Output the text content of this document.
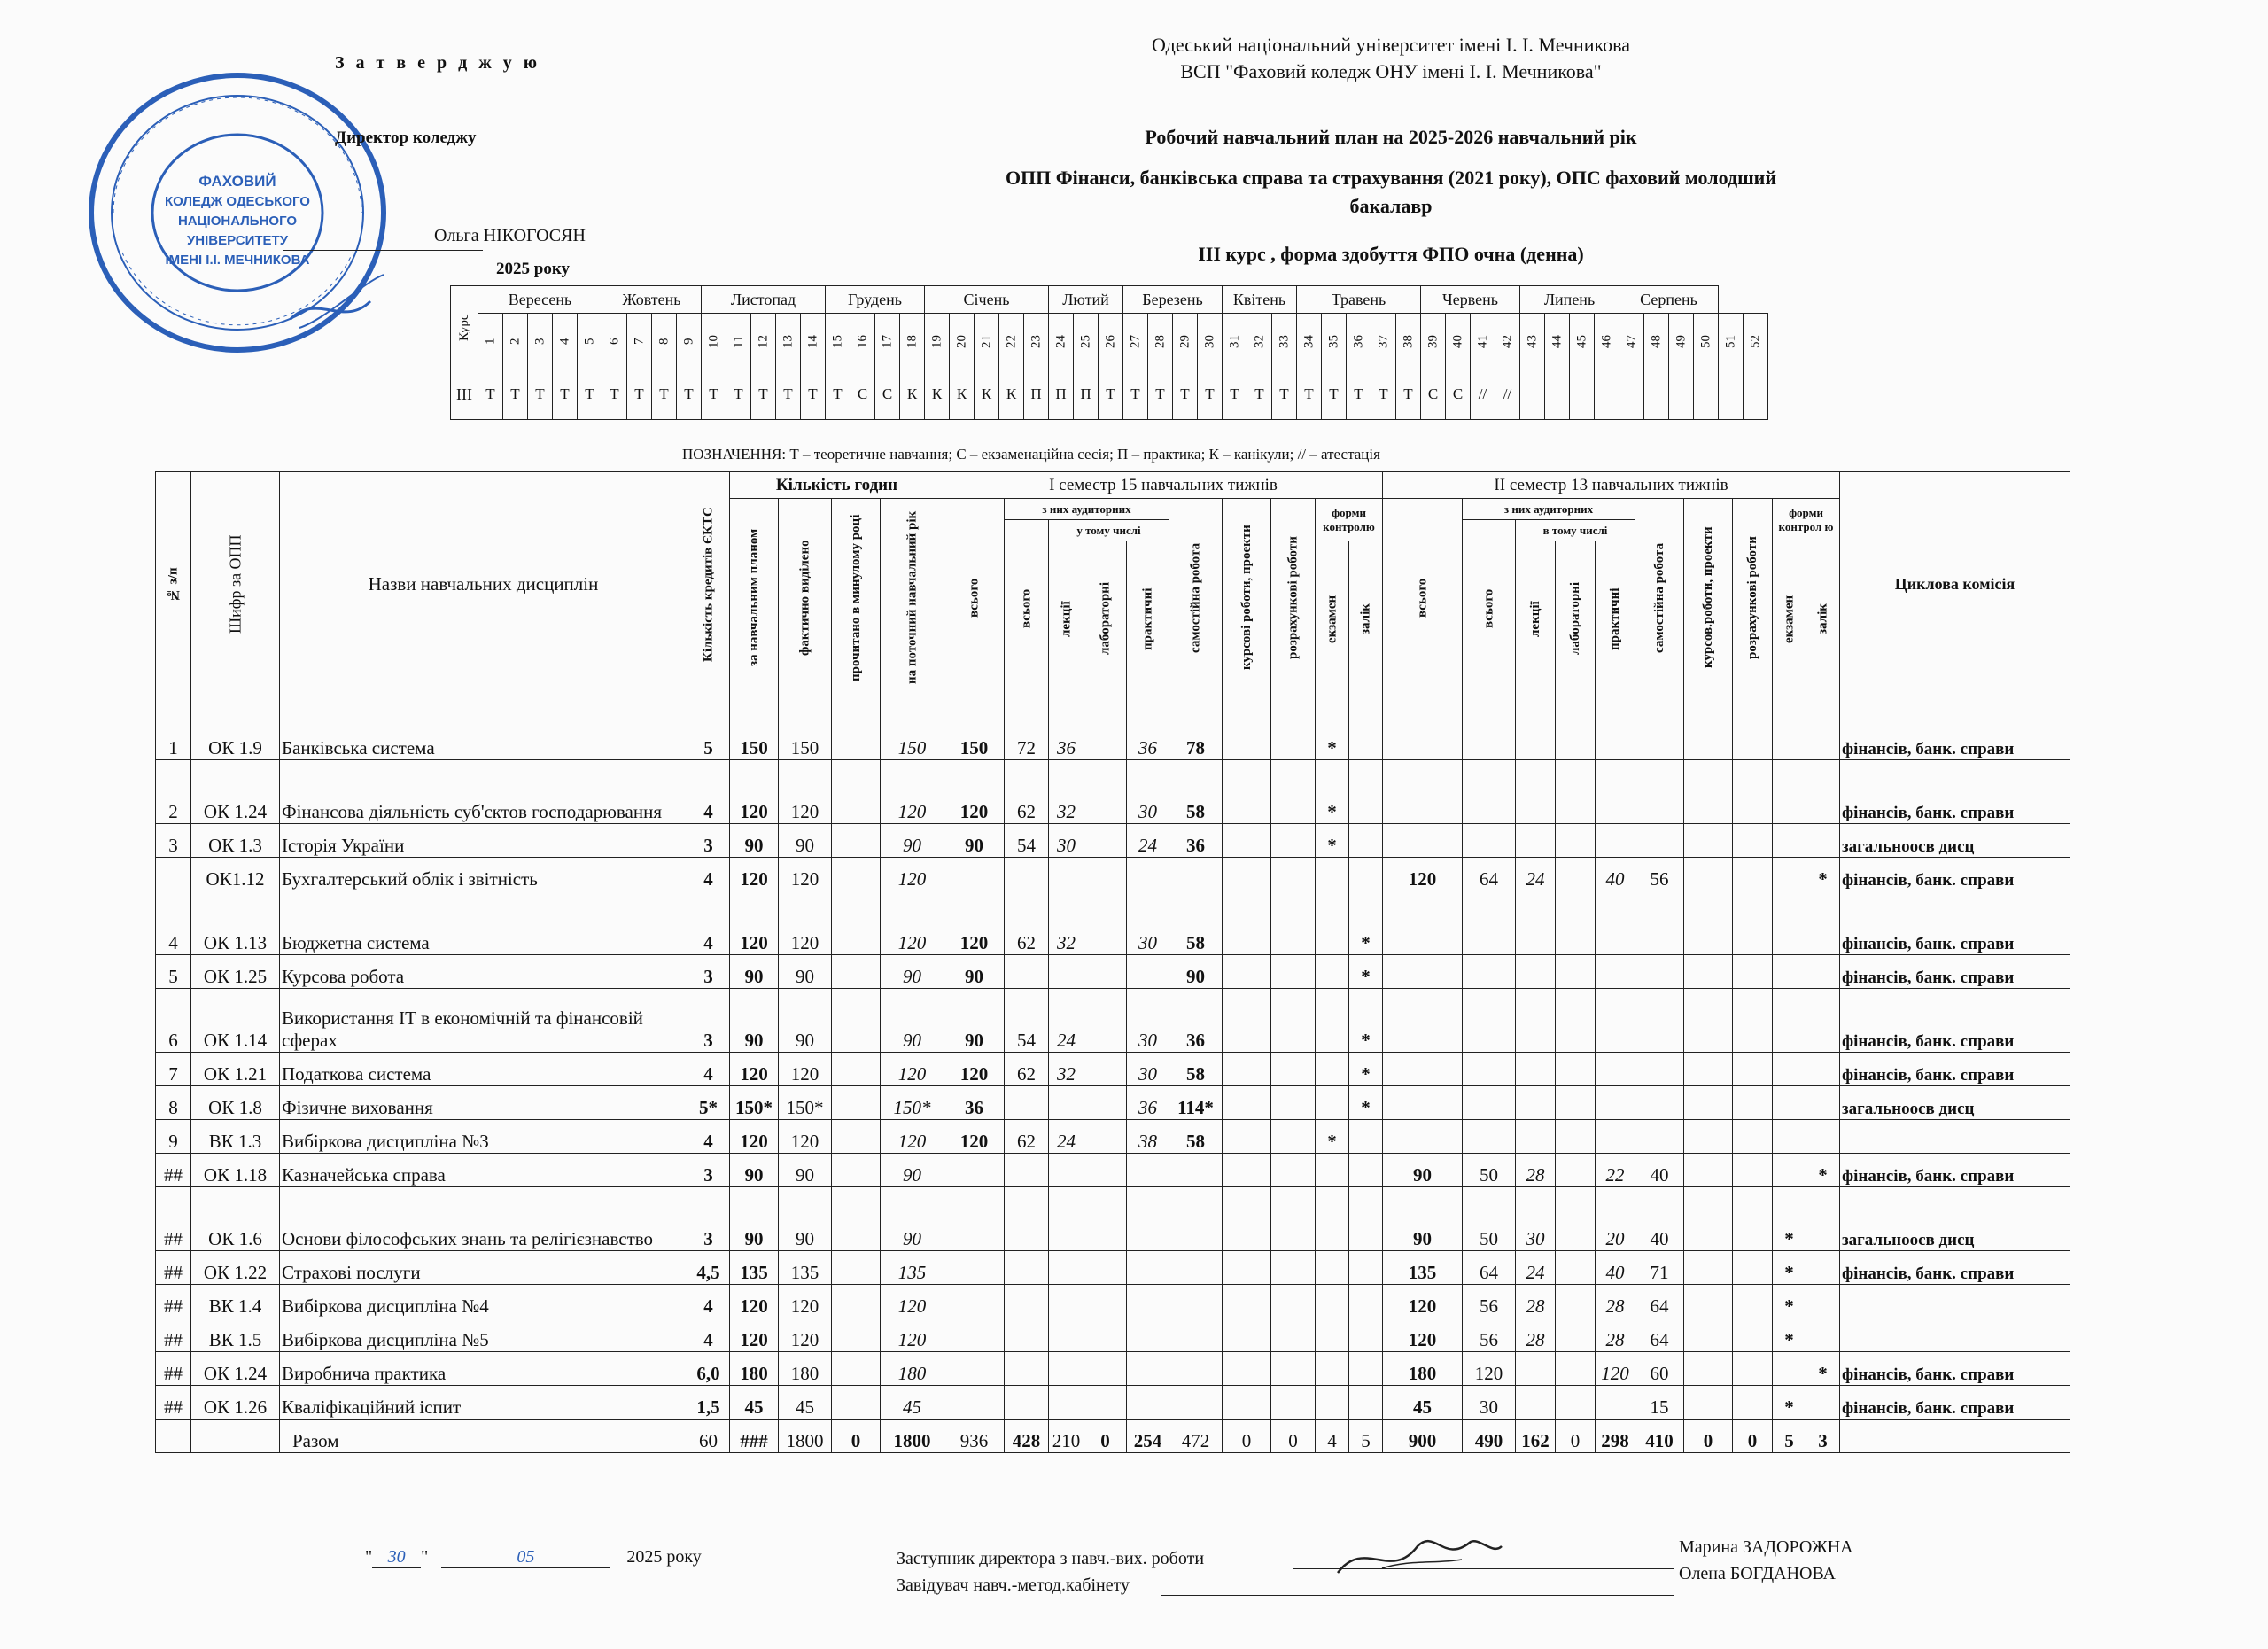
ФАХОВИЙ
КОЛЕДЖ ОДЕСЬКОГО
НАЦІОНАЛЬНОГО
УНІВЕРСИТЕТУ
ІМЕНІ І.І. МЕЧНИКОВА
З а т в е р д ж у ю
Директор коледжу
Ольга НІКОГОСЯН
2025 року
Одеський національний університет імені І. І. Мечникова
ВСП "Фаховий коледж ОНУ імені І. І. Мечникова"
Робочий навчальний план на 2025-2026 навчальний рік
ОПП Фінанси, банківська справа та страхування (2021 року), ОПС фаховий молодший
бакалавр
ІІІ курс , форма здобуття ФПО очна (денна)
Курс	Вересень					Жовтень				Листопад					Грудень				Січень					Лютий			Березень				Квітень			Травень					Червень				Липень				Серпень					
	1	2	3	4	5	6	7	8	9	10	11	12	13	14	15	16	17	18	19	20	21	22	23	24	25	26	27	28	29	30	31	32	33	34	35	36	37	38	39	40	41	42	43	44	45	46	47	48	49	50	51	52
ІІІ	Т	Т	Т	Т	Т	Т	Т	Т	Т	Т	Т	Т	Т	Т	Т	С	С	К	К	К	К	К	П	П	П	Т	Т	Т	Т	Т	Т	Т	Т	Т	Т	Т	Т	Т	С	С	//	//										
ПОЗНАЧЕННЯ: Т – теоретичне навчання; С – екзаменаційна сесія; П – практика; К – канікули; // – атестація
№ з/п	Шифр за ОПП	Назви навчальних дисциплін	Кількість кредитів ЄКТС	Кількість годин				І семестр 15 навчальних тижнів										ІІ семестр 13 навчальних тижнів										Циклова комісія
				за навчальним планом	фактично виділено	прочитано в минулому році	на поточний навчальний рік	всього	з них аудиторних				самостійна робота	курсові роботи, проекти	розрахункові роботи	форми контролю		всього	з них аудиторних				самостійна робота	курсов.роботи, проекти	розрахункові роботи	форми контрол ю		
									всього	у тому числі									всього	в тому числі								
										лекції	лабораторні	практичні				екзамен	залік			лекції	лабораторні	практичні				екзамен	залік	
1	ОК 1.9	Банківська система	5	150	150		150	150	72	36		36	78			*												фінансів, банк. справи
2	ОК 1.24	Фінансова діяльність суб'єктов господарювання	4	120	120		120	120	62	32		30	58			*												фінансів, банк. справи
3	ОК 1.3	Історія України	3	90	90		90	90	54	30		24	36			*												загальноосв дисц
	ОК1.12	Бухгалтерський облік і звітність	4	120	120		120											120	64	24		40	56				*	фінансів, банк. справи
4	ОК 1.13	Бюджетна система	4	120	120		120	120	62	32		30	58				*											фінансів, банк. справи
5	ОК 1.25	Курсова робота	3	90	90		90	90					90				*											фінансів, банк. справи
6	ОК 1.14	Використання ІТ в економічній та фінансовій сферах	3	90	90		90	90	54	24		30	36				*											фінансів, банк. справи
7	ОК 1.21	Податкова система	4	120	120		120	120	62	32		30	58				*											фінансів, банк. справи
8	ОК 1.8	Фізичне виховання	5*	150*	150*		150*	36				36	114*				*											загальноосв дисц
9	ВК 1.3	Вибіркова дисципліна №3	4	120	120		120	120	62	24		38	58			*												
##	ОК 1.18	Казначейська справа	3	90	90		90											90	50	28		22	40				*	фінансів, банк. справи
##	ОК 1.6	Основи філософських знань та релігієзнавство	3	90	90		90											90	50	30		20	40			*		загальноосв дисц
##	ОК 1.22	Страхові послуги	4,5	135	135		135											135	64	24		40	71			*		фінансів, банк. справи
##	ВК 1.4	Вибіркова дисципліна №4	4	120	120		120											120	56	28		28	64			*		
##	ВК 1.5	Вибіркова дисципліна №5	4	120	120		120											120	56	28		28	64			*		
##	ОК 1.24	Виробнича практика	6,0	180	180		180											180	120			120	60				*	фінансів, банк. справи
##	ОК 1.26	Кваліфікаційний іспит	1,5	45	45		45											45	30				15			*		фінансів, банк. справи
		Разом	60	###	1800	0	1800	936	428	210	0	254	472	0	0	4	5	900	490	162	0	298	410	0	0	5	3	
" 30 "	05	2025 року	Заступник директора з навч.-вих. роботи
Марина ЗАДОРОЖНА
Завідувач навч.-метод.кабінету
Олена БОГДАНОВА
